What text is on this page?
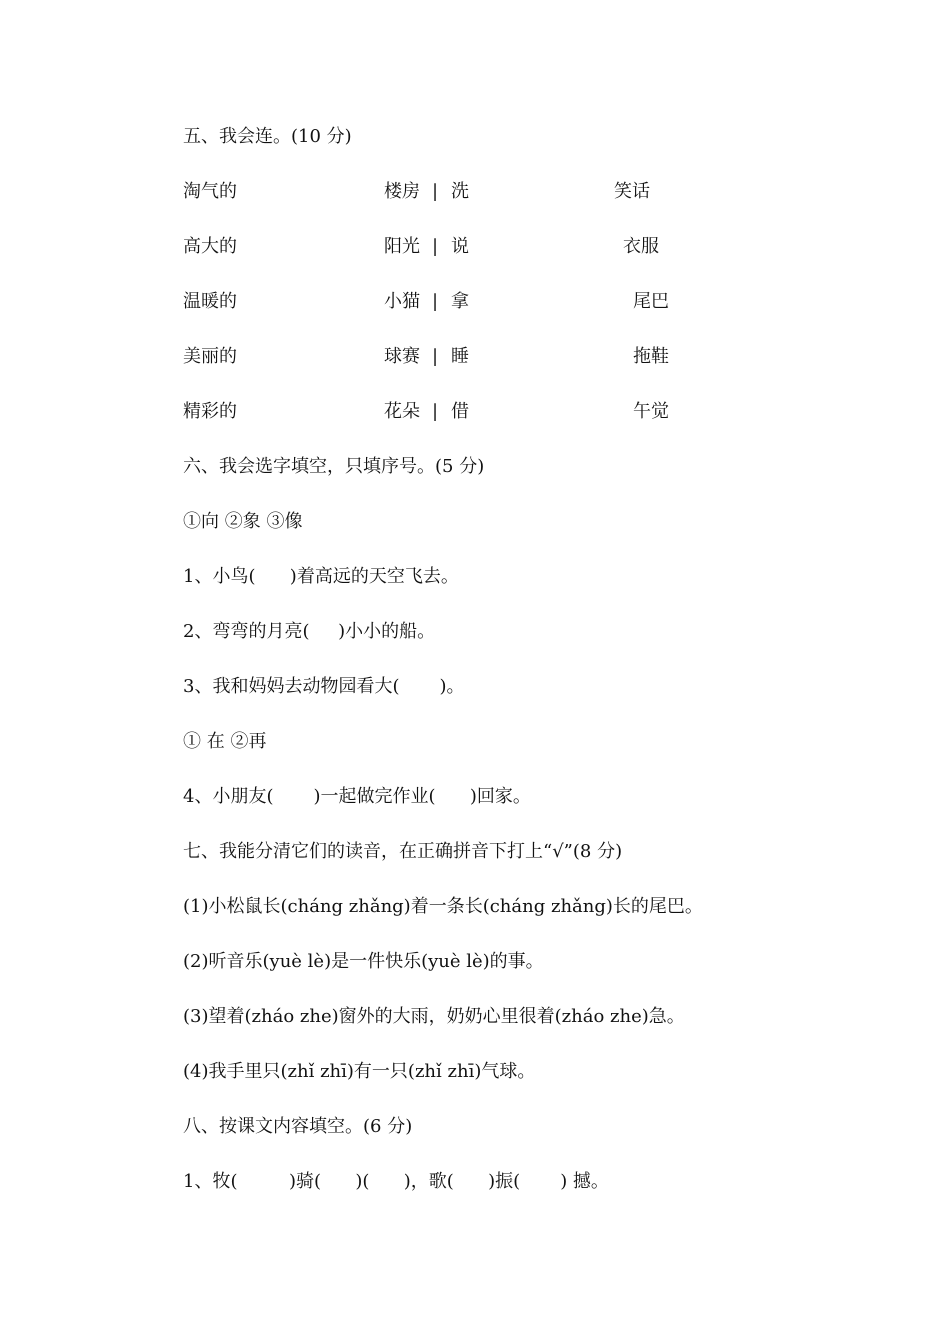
五、我会连。(10 分)
淘气的	楼房 | 洗	笑话
高大的	阳光 | 说	衣服
温暖的	小猫 | 拿	尾巴
美丽的	球赛 | 睡	拖鞋
精彩的	花朵 | 借	午觉
六、我会选字填空，只填序号。(5 分)
①向 ②象 ③像
1、小鸟(      )着高远的天空飞去。
2、弯弯的月亮(     )小小的船。
3、我和妈妈去动物园看大(       )。
① 在 ②再
4、小朋友(       )一起做完作业(      )回家。
七、我能分清它们的读音，在正确拼音下打上“√”(8 分)
(1)小松鼠长(cháng zhǎng)着一条长(cháng zhǎng)长的尾巴。
(2)听音乐(yuè lè)是一件快乐(yuè lè)的事。
(3)望着(zháo zhe)窗外的大雨，奶奶心里很着(zháo zhe)急。
(4)我手里只(zhǐ zhī)有一只(zhǐ zhī)气球。
八、按课文内容填空。(6 分)
1、牧(         )骑(      )(      )，歌(      )振(       ) 撼。
